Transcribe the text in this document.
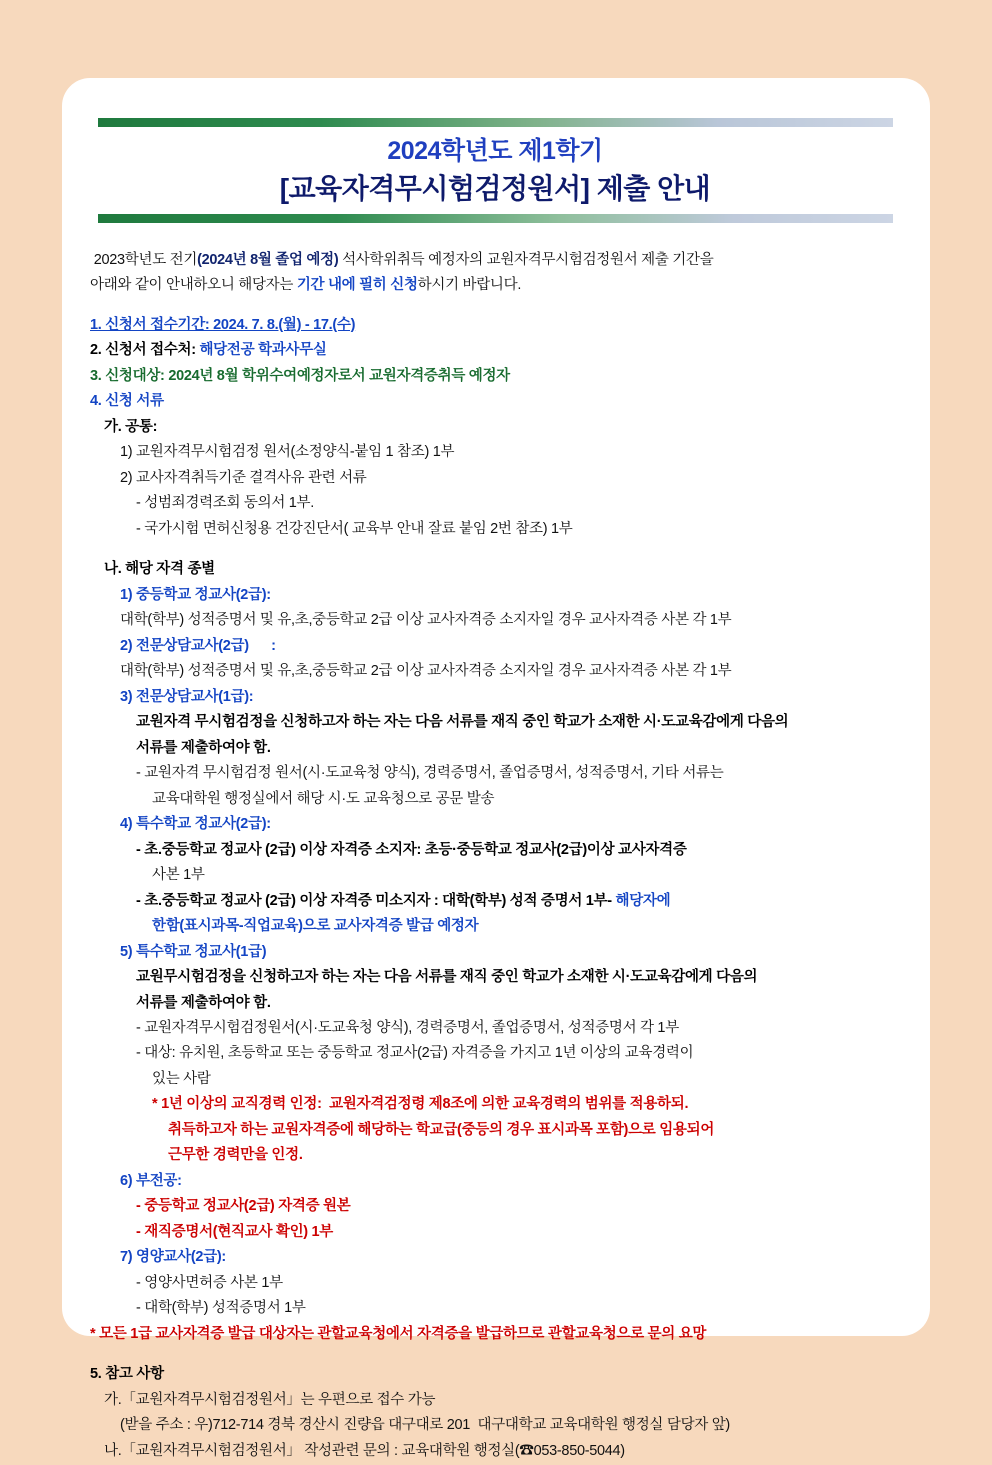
2024학년도 제1학기
[교육자격무시험검정원서] 제출 안내
2023학년도 전기(2024년 8월 졸업 예정) 석사학위취득 예정자의 교원자격무시험검정원서 제출 기간을
아래와 같이 안내하오니 해당자는 기간 내에 필히 신청하시기 바랍니다.
1. 신청서 접수기간: 2024. 7. 8.(월) - 17.(수)
2. 신청서 접수처: 해당전공 학과사무실
3. 신청대상: 2024년 8월 학위수여예정자로서 교원자격증취득 예정자
4. 신청 서류
가. 공통:
1) 교원자격무시험검정 원서(소정양식-붙임 1 참조) 1부
2) 교사자격취득기준 결격사유 관련 서류
- 성범죄경력조회 동의서 1부.
- 국가시험 면허신청용 건강진단서( 교육부 안내 잘료 붙임 2번 참조) 1부
나. 해당 자격 종별
1) 중등학교 정교사(2급):
대학(학부) 성적증명서 및 유,초,중등학교 2급 이상 교사자격증 소지자일 경우 교사자격증 사본 각 1부
2) 전문상담교사(2급)      :
대학(학부) 성적증명서 및 유,초,중등학교 2급 이상 교사자격증 소지자일 경우 교사자격증 사본 각 1부
3) 전문상담교사(1급):
교원자격 무시험검정을 신청하고자 하는 자는 다음 서류를 재직 중인 학교가 소재한 시·도교육감에게 다음의
서류를 제출하여야 함.
- 교원자격 무시험검정 원서(시·도교육청 양식), 경력증명서, 졸업증명서, 성적증명서, 기타 서류는
교육대학원 행정실에서 해당 시·도 교육청으로 공문 발송
4) 특수학교 정교사(2급):
- 초.중등학교 정교사 (2급) 이상 자격증 소지자: 초등·중등학교 정교사(2급)이상 교사자격증
사본 1부
- 초.중등학교 정교사 (2급) 이상 자격증 미소지자 : 대학(학부) 성적 증명서 1부- 해당자에
한함(표시과목-직업교육)으로 교사자격증 발급 예정자
5) 특수학교 정교사(1급)
교원무시험검정을 신청하고자 하는 자는 다음 서류를 재직 중인 학교가 소재한 시·도교육감에게 다음의
서류를 제출하여야 함.
- 교원자격무시험검정원서(시·도교육청 양식), 경력증명서, 졸업증명서, 성적증명서 각 1부
- 대상: 유치원, 초등학교 또는 중등학교 정교사(2급) 자격증을 가지고 1년 이상의 교육경력이
있는 사람
* 1년 이상의 교직경력 인정:  교원자격검정령 제8조에 의한 교육경력의 범위를 적용하되.
취득하고자 하는 교원자격증에 해당하는 학교급(중등의 경우 표시과목 포함)으로 임용되어
근무한 경력만을 인정.
6) 부전공:
- 중등학교 정교사(2급) 자격증 원본
- 재직증명서(현직교사 확인) 1부
7) 영양교사(2급):
- 영양사면허증 사본 1부
- 대학(학부) 성적증명서 1부
* 모든 1급 교사자격증 발급 대상자는 관할교육청에서 자격증을 발급하므로 관할교육청으로 문의 요망
5. 참고 사항
가.「교원자격무시험검정원서」는 우편으로 접수 가능
(받을 주소 : 우)712-714 경북 경산시 진량읍 대구대로 201  대구대학교 교육대학원 행정실 담당자 앞)
나.「교원자격무시험검정원서」 작성관련 문의 : 교육대학원 행정실(☎053-850-5044)
